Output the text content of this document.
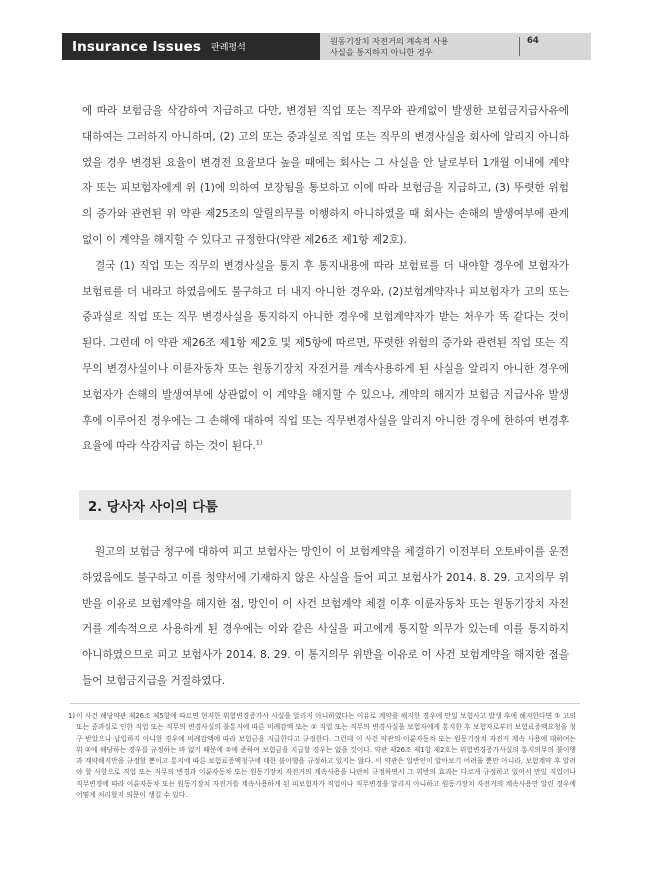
Insurance Issues 판례평석
원동기장치 자전거의 계속적 사용
사실을 통지하지 아니한 경우
64

에 따라 보험금을 삭감하여 지급하고 다만, 변경된 직업 또는 직무와 관계없이 발생한 보험금지급사유에 대하여는 그러하지 아니하며, (2) 고의 또는 중과실로 직업 또는 직무의 변경사실을 회사에 알리지 아니하였을 경우 변경된 요율이 변경전 요율보다 높을 때에는 회사는 그 사실을 안 날로부터 1개월 이내에 계약자 또는 피보험자에게 위 (1)에 의하여 보장됨을 통보하고 이에 따라 보험금을 지급하고, (3) 뚜렷한 위험의 증가와 관련된 위 약관 제25조의 알릴의무를 이행하지 아니하였을 때 회사는 손해의 발생여부에 관계없이 이 계약을 해지할 수 있다고 규정한다(약관 제26조 제1항 제2호).

결국 (1) 직업 또는 직무의 변경사실을 통지 후 통지내용에 따라 보험료를 더 내야할 경우에 보험자가 보험료를 더 내라고 하였음에도 불구하고 더 내지 아니한 경우와, (2)보험계약자나 피보험자가 고의 또는 중과실로 직업 또는 직무 변경사실을 통지하지 아니한 경우에 보험계약자가 받는 처우가 똑 같다는 것이 된다. 그런데 이 약관 제26조 제1항 제2호 및 제5항에 따르면, 뚜렷한 위험의 증가와 관련된 직업 또는 직무의 변경사실이나 이륜자동차 또는 원동기장치 자전거를 계속사용하게 된 사실을 알리지 아니한 경우에 보험자가 손해의 발생여부에 상관없이 이 계약을 해지할 수 있으나, 계약의 해지가 보험금 지급사유 발생 후에 이루어진 경우에는 그 손해에 대하여 직업 또는 직무변경사실을 알리지 아니한 경우에 한하여 변경후 요율에 따라 삭감지급 하는 것이 된다.$^{1)}$

2. 당사자 사이의 다툼

원고의 보험금 청구에 대하여 피고 보험사는 망인이 이 보험계약을 체결하기 이전부터 오토바이를 운전하였음에도 불구하고 이를 청약서에 기재하지 않은 사실을 들어 피고 보험사가 2014. 8. 29. 고지의무 위반을 이유로 보험계약을 해지한 점, 망인이 이 사건 보험계약 체결 이후 이륜자동차 또는 원동기장치 자전거를 계속적으로 사용하게 된 경우에는 이와 같은 사실을 피고에게 통지할 의무가 있는데 이를 통지하지 아니하였으므로 피고 보험사가 2014. 8. 29. 이 통지의무 위반을 이유로 이 사건 보험계약을 해지한 점을 들어 보험금지급을 거절하였다.

1) 이 사건 해당약관 제26조 제5항에 따르면 현저한 위험변경증가사 사실을 알리지 아니하였다는 이유로 계약을 해지한 경우에 만일 보험사고 발생 후에 해지한다면 ① 고의 또는 중과실로 인한 직업 또는 직무의 변경사실의 불통지에 따른 비례감액 또는 ② 직업 또는 직무의 변경사실을 보험자에게 통지한 후 보험자로부터 보험료증액요청을 청구 받았으나 납입하지 아니한 경우에 비례감액에 따라 보험금을 지급한다고 규정한다. 그런데 이 사건 약관의 이륜자동차 또는 원동기장치 자전거 계속 사용에 대하여는 위 ②에 해당하는 경우를 규정하는 바 없기 때문에 ②에 준하여 보험금을 지급할 경우는 없을 것이다. 약관 제26조 제1항 제2호는 위험변경증가사실의 통지의무의 불이행과 계약해지만을 규정할 뿐이고 통지에 따른 보험료증액청구에 대한 불이행을 규정하고 있지는 않다. 이 약관은 일반인이 알아보기 어려울 뿐만 아니라, 보험계약 후 알려야 할 사항으로 직업 또는 직무의 변경과 이륜자동차 또는 원동기장치 자전거의 계속사용을 나란히 규정하면서 그 위반의 효과는 다르게 규정하고 있어서 만일 직업이나 직무변경에 따라 이륜자동차 또는 원동기장치 자전거를 계속사용하게 된 피보험자가 직업이나 직무변경을 알리지 아니하고 원동기장치 자전거의 계속사용만 알린 경우에 어떻게 처리할지 의문이 생길 수 있다.
